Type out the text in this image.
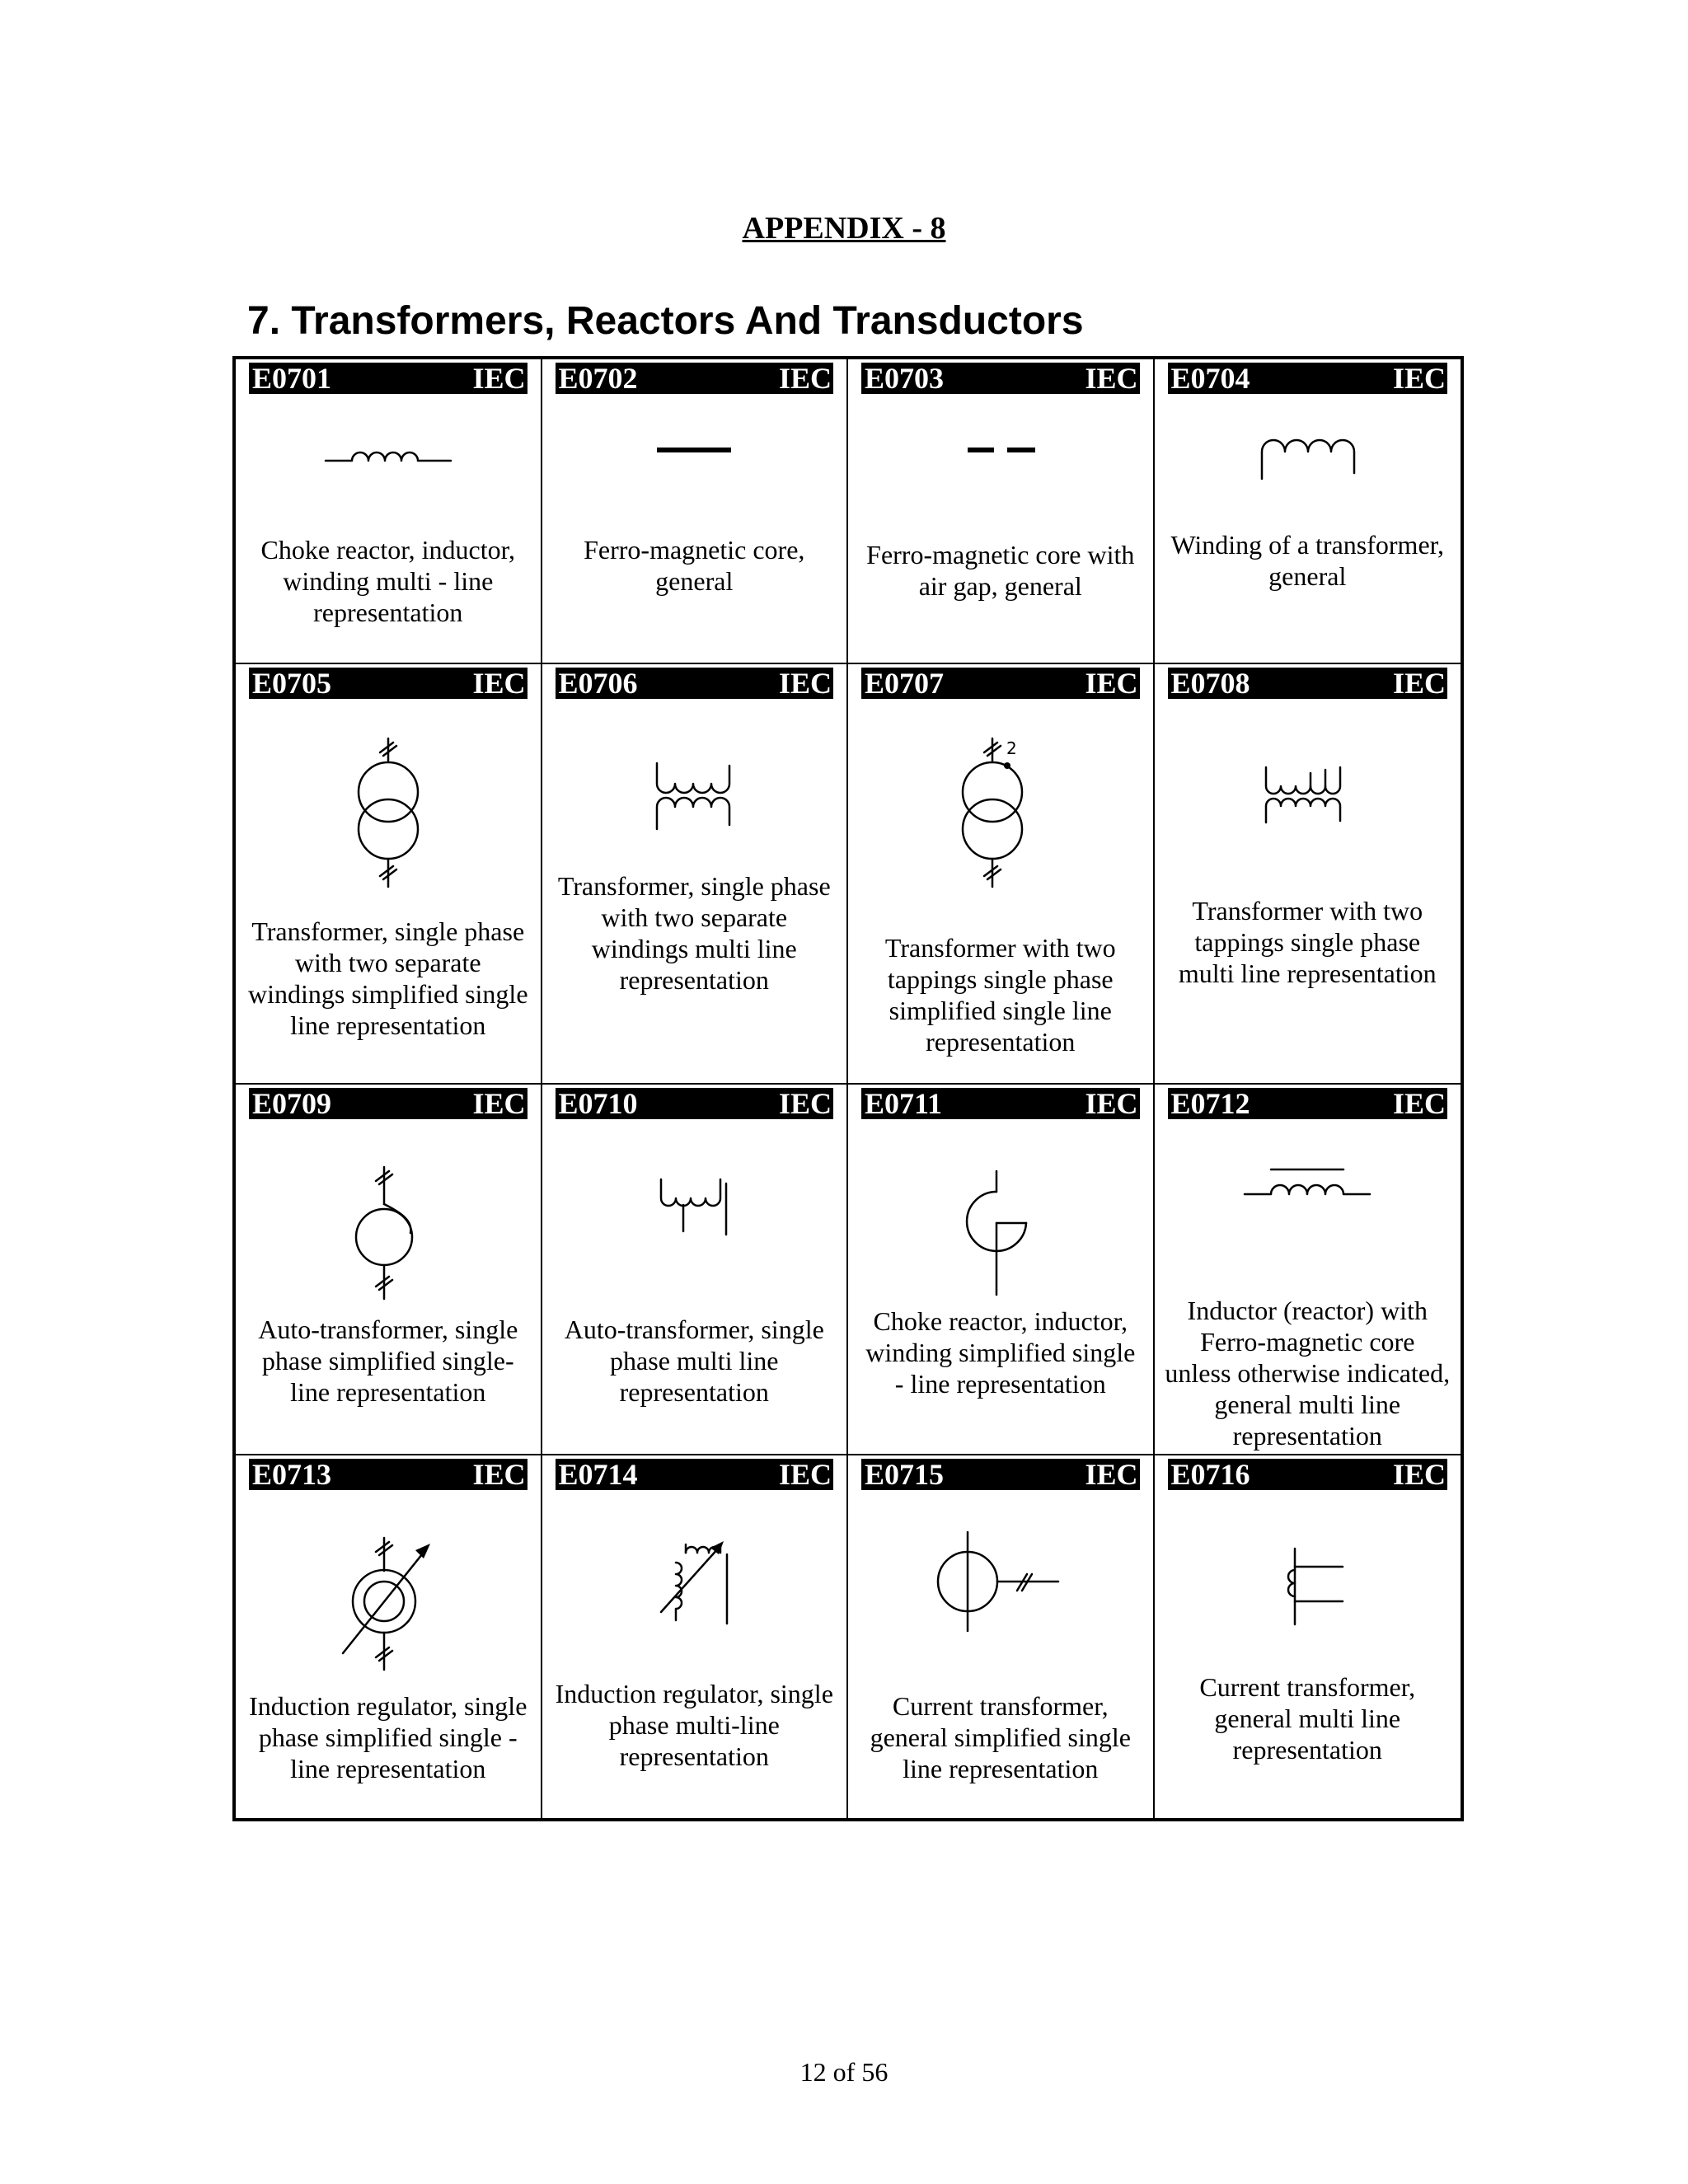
APPENDIX - 8
7. Transformers, Reactors And Transductors
E0701	IEC
Choke reactor, inductor, winding multi - line representation
E0702	IEC
Ferro-magnetic core, general
E0703	IEC
Ferro-magnetic core with air gap, general
E0704	IEC
Winding of a transformer, general
E0705	IEC
Transformer, single phase with two separate windings simplified single line representation
E0706	IEC
Transformer, single phase with two separate windings multi line representation
E0707	IEC
2
Transformer with two tappings single phase simplified single line representation
E0708	IEC
Transformer with two tappings single phase multi line representation
E0709	IEC
Auto-transformer, single phase simplified single-line representation
E0710	IEC
Auto-transformer, single phase multi line representation
E0711	IEC
Choke reactor, inductor, winding simplified single - line representation
E0712	IEC
Inductor (reactor) with Ferro-magnetic core unless otherwise indicated, general multi line representation
E0713	IEC
Induction regulator, single phase simplified single - line representation
E0714	IEC
Induction regulator, single phase multi-line representation
E0715	IEC
Current transformer, general simplified single line representation
E0716	IEC
Current transformer, general multi line representation
12 of 56
